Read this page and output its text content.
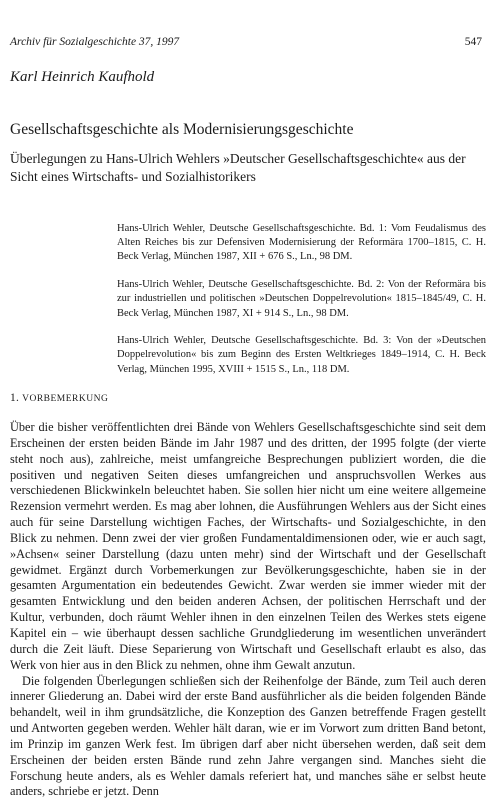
Archiv für Sozialgeschichte 37, 1997	547
Karl Heinrich Kaufhold
Gesellschaftsgeschichte als Modernisierungsgeschichte
Überlegungen zu Hans-Ulrich Wehlers »Deutscher Gesellschaftsgeschichte« aus der Sicht eines Wirtschafts- und Sozialhistorikers

Hans-Ulrich Wehler, Deutsche Gesellschaftsgeschichte. Bd. 1: Vom Feudalismus des Alten Reiches bis zur Defensiven Modernisierung der Reformära 1700–1815, C. H. Beck Verlag, München 1987, XII + 676 S., Ln., 98 DM.

Hans-Ulrich Wehler, Deutsche Gesellschaftsgeschichte. Bd. 2: Von der Reformära bis zur industriellen und politischen »Deutschen Doppelrevolution« 1815–1845/49, C. H. Beck Verlag, München 1987, XI + 914 S., Ln., 98 DM.

Hans-Ulrich Wehler, Deutsche Gesellschaftsgeschichte. Bd. 3: Von der »Deutschen Doppelrevolution« bis zum Beginn des Ersten Weltkrieges 1849–1914, C. H. Beck Verlag, München 1995, XVIII + 1515 S., Ln., 118 DM.

1. VORBEMERKUNG

Über die bisher veröffentlichten drei Bände von Wehlers Gesellschaftsgeschichte sind seit dem Erscheinen der ersten beiden Bände im Jahr 1987 und des dritten, der 1995 folgte (der vierte steht noch aus), zahlreiche, meist umfangreiche Besprechungen publiziert worden, die die positiven und negativen Seiten dieses umfangreichen und anspruchsvollen Werkes aus verschiedenen Blickwinkeln beleuchtet haben. Sie sollen hier nicht um eine weitere allgemeine Rezension vermehrt werden. Es mag aber lohnen, die Ausführungen Wehlers aus der Sicht eines auch für seine Darstellung wichtigen Faches, der Wirtschafts- und Sozialgeschichte, in den Blick zu nehmen. Denn zwei der vier großen Fundamentaldimensionen oder, wie er auch sagt, »Achsen« seiner Darstellung (dazu unten mehr) sind der Wirtschaft und der Gesellschaft gewidmet. Ergänzt durch Vorbemerkungen zur Bevölkerungsgeschichte, haben sie in der gesamten Argumentation ein bedeutendes Gewicht. Zwar werden sie immer wieder mit der gesamten Entwicklung und den beiden anderen Achsen, der politischen Herrschaft und der Kultur, verbunden, doch räumt Wehler ihnen in den einzelnen Teilen des Werkes stets eigene Kapitel ein – wie überhaupt dessen sachliche Grundgliederung im wesentlichen unverändert durch die Zeit läuft. Diese Separierung von Wirtschaft und Gesellschaft erlaubt es also, das Werk von hier aus in den Blick zu nehmen, ohne ihm Gewalt anzutun.

Die folgenden Überlegungen schließen sich der Reihenfolge der Bände, zum Teil auch deren innerer Gliederung an. Dabei wird der erste Band ausführlicher als die beiden folgenden Bände behandelt, weil in ihm grundsätzliche, die Konzeption des Ganzen betreffende Fragen gestellt und Antworten gegeben werden. Wehler hält daran, wie er im Vorwort zum dritten Band betont, im Prinzip im ganzen Werk fest. Im übrigen darf aber nicht übersehen werden, daß seit dem Erscheinen der beiden ersten Bände rund zehn Jahre vergangen sind. Manches sieht die Forschung heute anders, als es Wehler damals referiert hat, und manches sähe er selbst heute anders, schriebe er jetzt. Denn
